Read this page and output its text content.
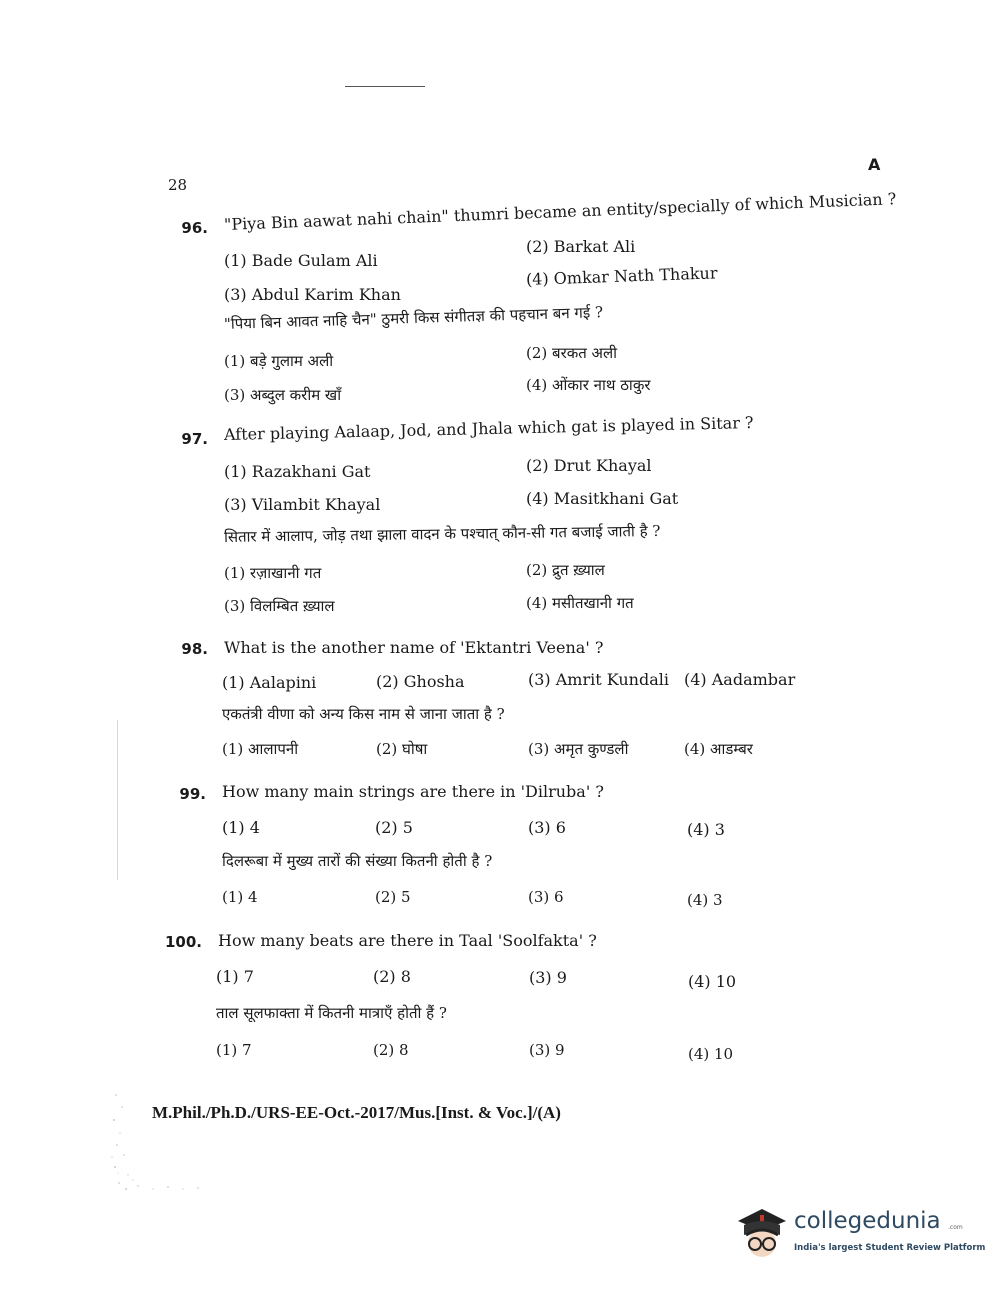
28
A
96. "Piya Bin aawat nahi chain" thumri became an entity/specially of which Musician ?
(1) Bade Gulam Ali
(2) Barkat Ali
(3) Abdul Karim Khan
(4) Omkar Nath Thakur
"पिया बिन आवत नाहि चैन" ठुमरी किस संगीतज्ञ की पहचान बन गई ?
(1) बड़े गुलाम अली	(2) बरकत अली
(3) अब्दुल करीम खाँ
(4) ओंकार नाथ ठाकुर
97. After playing Aalaap, Jod, and Jhala which gat is played in Sitar ?
(1) Razakhani Gat	(2) Drut Khayal
(3) Vilambit Khayal	(4) Masitkhani Gat
सितार में आलाप, जोड़ तथा झाला वादन के पश्चात् कौन-सी गत बजाई जाती है ?
(1) रज़ाखानी गत	(2) द्रुत ख़्याल
(3) विलम्बित ख़्याल	(4) मसीतखानी गत
98. What is the another name of 'Ektantri Veena' ?
(1) Aalapini	(2) Ghosha	(3) Amrit Kundali (4) Aadambar
एकतंत्री वीणा को अन्य किस नाम से जाना जाता है ?
(1) आलापनी	(2) घोषा	(3) अमृत कुण्डली	(4) आडम्बर
99. How many main strings are there in 'Dilruba' ?
(1) 4	(2) 5	(3) 6	(4) 3
दिलरूबा में मुख्य तारों की संख्या कितनी होती है ?
(1) 4	(2) 5	(3) 6	(4) 3
100. How many beats are there in Taal 'Soolfakta' ?
(1) 7	(2) 8	(3) 9	(4) 10
ताल सूलफाक्ता में कितनी मात्राएँ होती हैं ?
(1) 7	(2) 8	(3) 9	(4) 10
M.Phil./Ph.D./URS-EE-Oct.-2017/Mus.[Inst. & Voc.]/(A)
collegedunia .com
India's largest Student Review Platform
